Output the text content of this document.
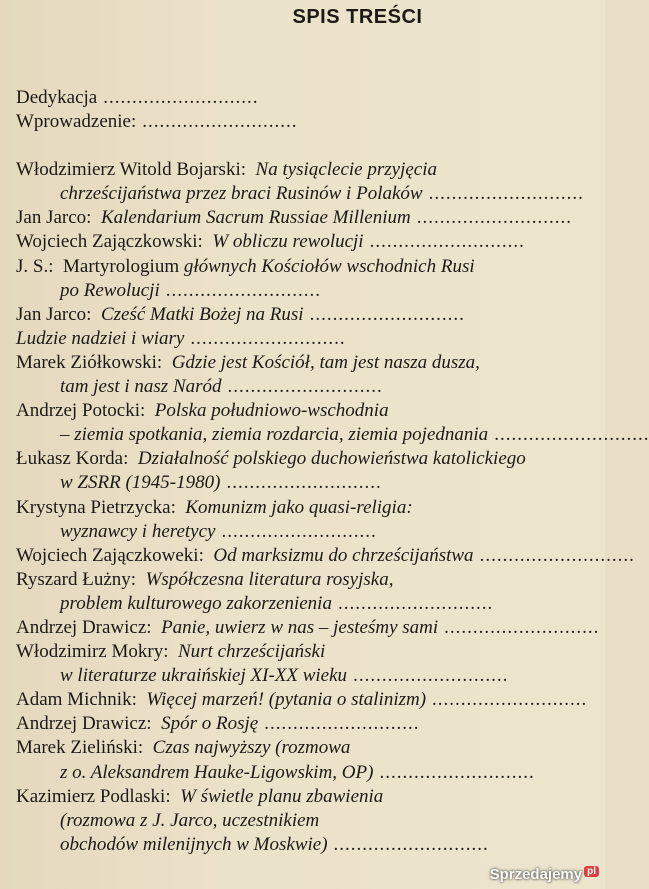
SPIS TREŚCI
Dedykacja ...........................
Wprowadzenie: ...........................
Włodzimierz Witold Bojarski: Na tysiąclecie przyjęcia
chrześcijaństwa przez braci Rusinów i Polaków ...........................
Jan Jarco: Kalendarium Sacrum Russiae Millenium ...........................
Wojciech Zajączkowski: W obliczu rewolucji ...........................
J. S.: Martyrologium głównych Kościołów wschodnich Rusi
po Rewolucji ...........................
Jan Jarco: Cześć Matki Bożej na Rusi ...........................
Ludzie nadziei i wiary ...........................
Marek Ziółkowski: Gdzie jest Kościół, tam jest nasza dusza,
tam jest i nasz Naród ...........................
Andrzej Potocki: Polska południowo-wschodnia
– ziemia spotkania, ziemia rozdarcia, ziemia pojednania ...........................
Łukasz Korda: Działalność polskiego duchowieństwa katolickiego
w ZSRR (1945-1980) ...........................
Krystyna Pietrzycka: Komunizm jako quasi-religia:
wyznawcy i heretycy ...........................
Wojciech Zajączkoweki: Od marksizmu do chrześcijaństwa ...........................
Ryszard Łużny: Współczesna literatura rosyjska,
problem kulturowego zakorzenienia ...........................
Andrzej Drawicz: Panie, uwierz w nas – jesteśmy sami ...........................
Włodzimirz Mokry: Nurt chrześcijański
w literaturze ukraińskiej XI-XX wieku ...........................
Adam Michnik: Więcej marzeń! (pytania o stalinizm) ...........................
Andrzej Drawicz: Spór o Rosję ...........................
Marek Zieliński: Czas najwyższy (rozmowa
z o. Aleksandrem Hauke-Ligowskim, OP) ...........................
Kazimierz Podlaski: W świetle planu zbawienia
(rozmowa z J. Jarco, uczestnikiem
obchodów milenijnych w Moskwie) ...........................
Sprzedajemy pl
